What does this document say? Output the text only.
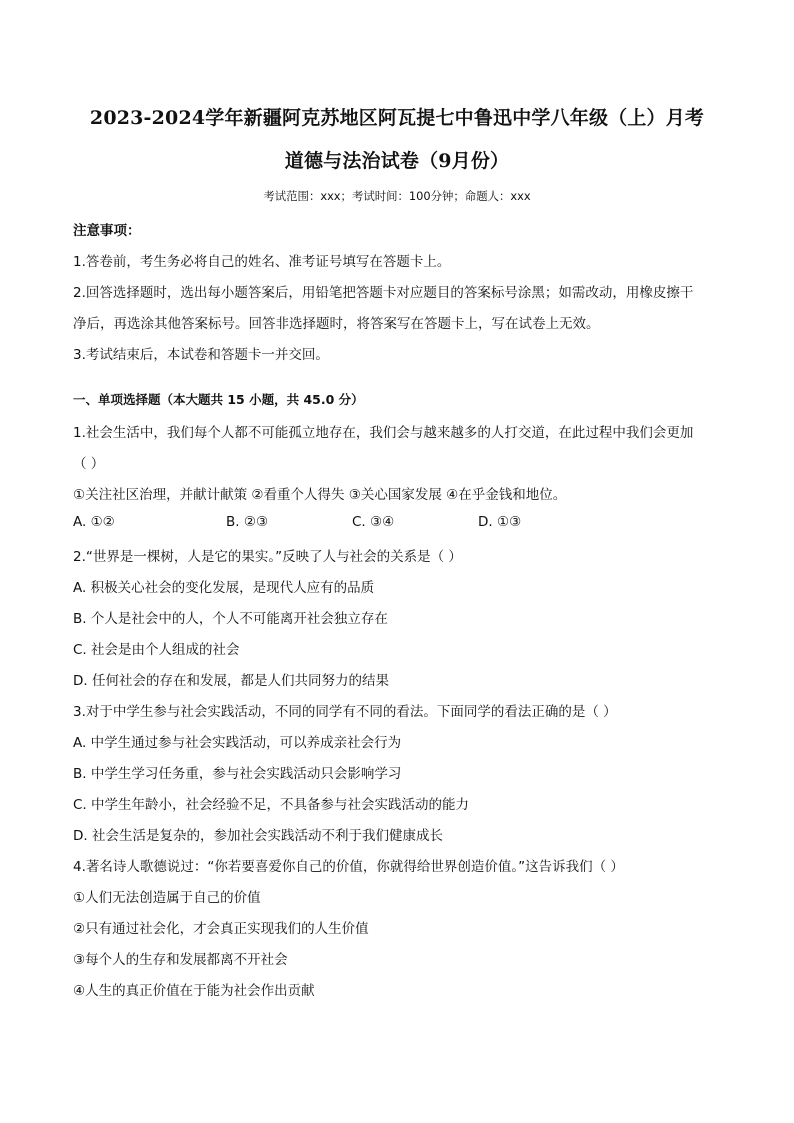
2023-2024学年新疆阿克苏地区阿瓦提七中鲁迅中学八年级（上）月考
道德与法治试卷（9月份）
考试范围：xxx；考试时间：100分钟；命题人：xxx
注意事项：
1.答卷前，考生务必将自己的姓名、准考证号填写在答题卡上。
2.回答选择题时，选出每小题答案后，用铅笔把答题卡对应题目的答案标号涂黑；如需改动，用橡皮擦干
净后，再选涂其他答案标号。回答非选择题时，将答案写在答题卡上，写在试卷上无效。
3.考试结束后，本试卷和答题卡一并交回。
一、单项选择题（本大题共 15 小题，共 45.0 分）
1.社会生活中，我们每个人都不可能孤立地存在，我们会与越来越多的人打交道，在此过程中我们会更加
（ ）
①关注社区治理，并献计献策 ②看重个人得失 ③关心国家发展 ④在乎金钱和地位。
A. ①②	B. ②③	C. ③④	D. ①③
2.“世界是一棵树，人是它的果实。”反映了人与社会的关系是（ ）
A. 积极关心社会的变化发展，是现代人应有的品质
B. 个人是社会中的人，个人不可能离开社会独立存在
C. 社会是由个人组成的社会
D. 任何社会的存在和发展，都是人们共同努力的结果
3.对于中学生参与社会实践活动，不同的同学有不同的看法。下面同学的看法正确的是（ ）
A. 中学生通过参与社会实践活动，可以养成亲社会行为
B. 中学生学习任务重，参与社会实践活动只会影响学习
C. 中学生年龄小，社会经验不足，不具备参与社会实践活动的能力
D. 社会生活是复杂的，参加社会实践活动不利于我们健康成长
4.著名诗人歌德说过：“你若要喜爱你自己的价值，你就得给世界创造价值。”这告诉我们（ ）
①人们无法创造属于自己的价值
②只有通过社会化，才会真正实现我们的人生价值
③每个人的生存和发展都离不开社会
④人生的真正价值在于能为社会作出贡献
